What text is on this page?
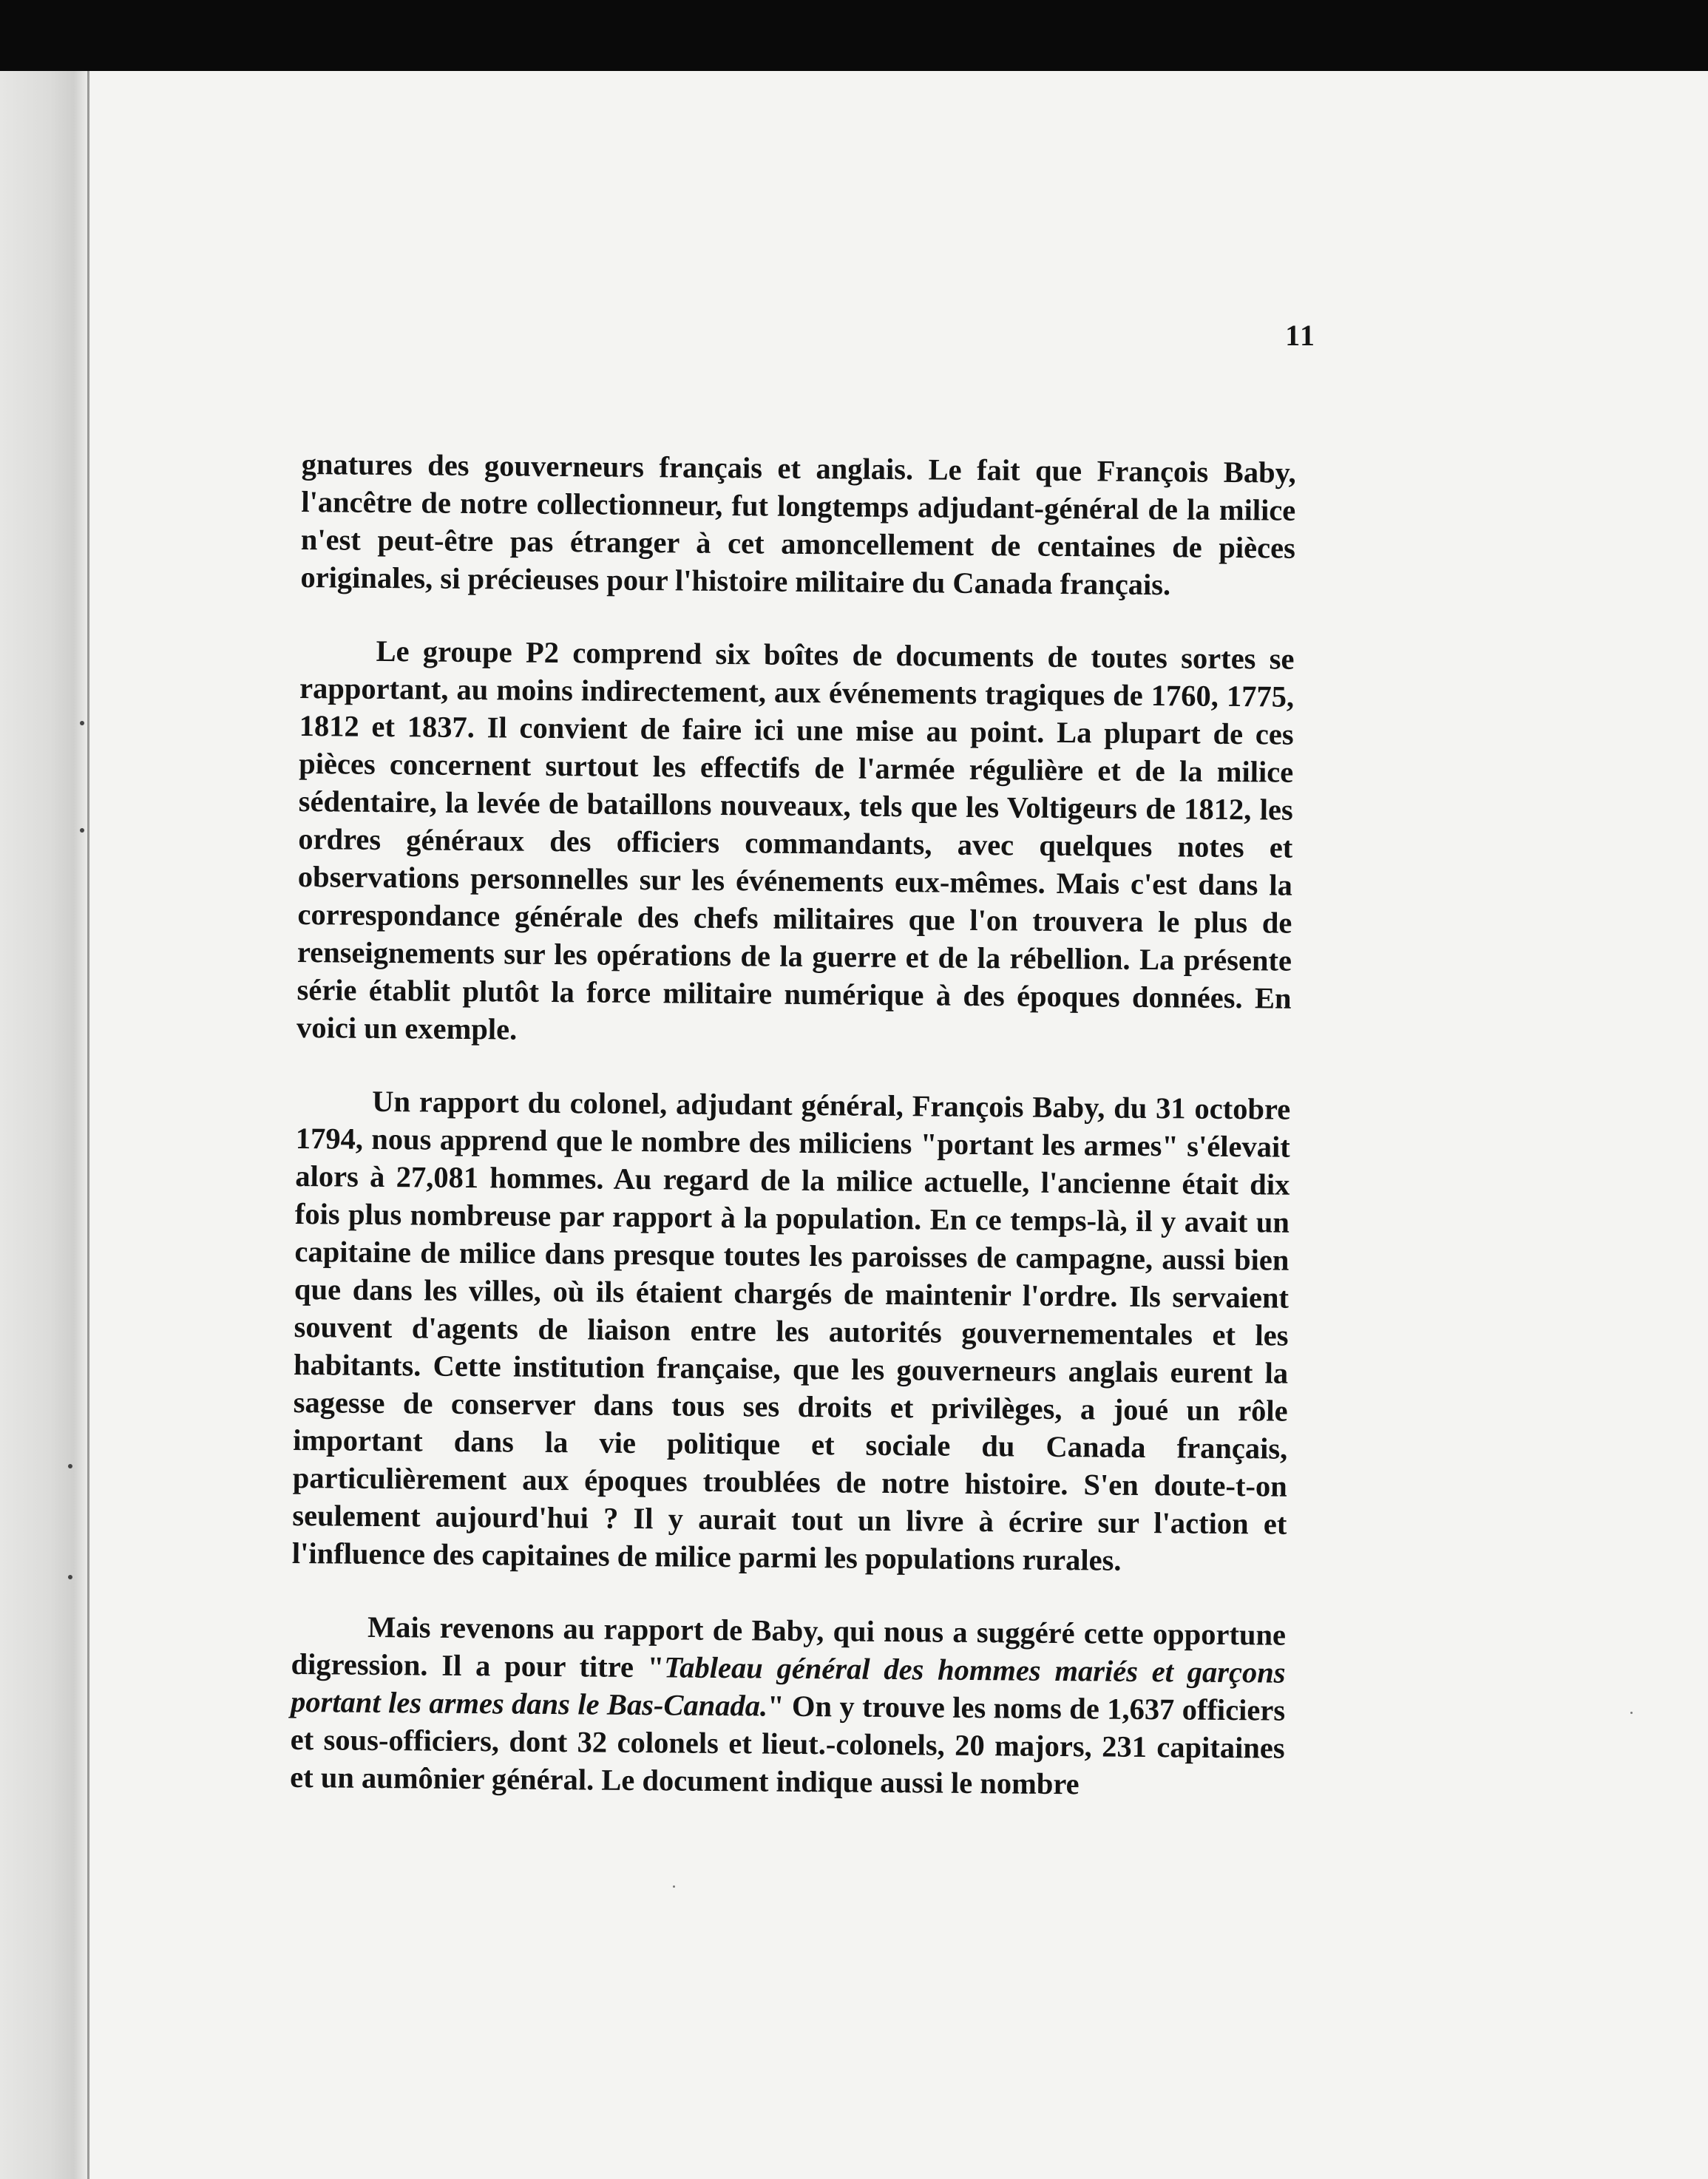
11

gnatures des gouverneurs français et anglais. Le fait que François Baby, l'ancêtre de notre collectionneur, fut longtemps adjudant-général de la milice n'est peut-être pas étranger à cet amoncellement de centaines de pièces originales, si précieuses pour l'histoire militaire du Canada français.

Le groupe P2 comprend six boîtes de documents de toutes sortes se rapportant, au moins indirectement, aux événements tragiques de 1760, 1775, 1812 et 1837. Il convient de faire ici une mise au point. La plupart de ces pièces concernent surtout les effectifs de l'armée régulière et de la milice sédentaire, la levée de bataillons nouveaux, tels que les Voltigeurs de 1812, les ordres généraux des officiers commandants, avec quelques notes et observations personnelles sur les événements eux-mêmes. Mais c'est dans la correspondance générale des chefs militaires que l'on trouvera le plus de renseignements sur les opérations de la guerre et de la rébellion. La présente série établit plutôt la force militaire numérique à des époques données. En voici un exemple.

Un rapport du colonel, adjudant général, François Baby, du 31 octobre 1794, nous apprend que le nombre des miliciens "portant les armes" s'élevait alors à 27,081 hommes. Au regard de la milice actuelle, l'ancienne était dix fois plus nombreuse par rapport à la population. En ce temps-là, il y avait un capitaine de milice dans presque toutes les paroisses de campagne, aussi bien que dans les villes, où ils étaient chargés de maintenir l'ordre. Ils servaient souvent d'agents de liaison entre les autorités gouvernementales et les habitants. Cette institution française, que les gouverneurs anglais eurent la sagesse de conserver dans tous ses droits et privilèges, a joué un rôle important dans la vie politique et sociale du Canada français, particulièrement aux époques troublées de notre histoire. S'en doute-t-on seulement aujourd'hui ? Il y aurait tout un livre à écrire sur l'action et l'influence des capitaines de milice parmi les populations rurales.

Mais revenons au rapport de Baby, qui nous a suggéré cette opportune digression. Il a pour titre "Tableau général des hommes mariés et garçons portant les armes dans le Bas-Canada." On y trouve les noms de 1,637 officiers et sous-officiers, dont 32 colonels et lieut.-colonels, 20 majors, 231 capitaines et un aumônier général. Le document indique aussi le nombre
